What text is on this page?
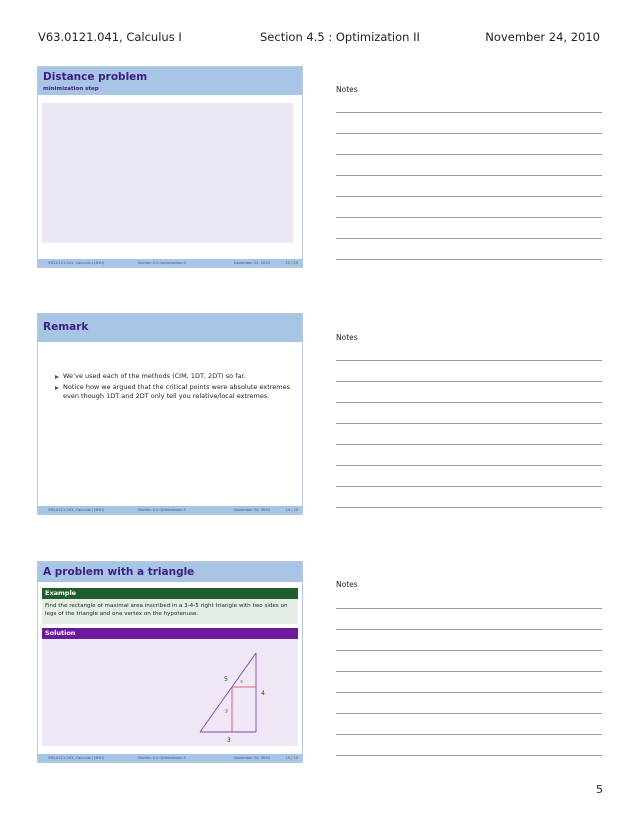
V63.0121.041, Calculus I	Section 4.5 : Optimization II	November 24, 2010
Distance problem
minimization step
V63.0121.041, Calculus I (NYU)	Section 4.5 Optimization II	November 24, 2010	13 / 25
Notes
Remark
We’ve used each of the methods (CIM, 1DT, 2DT) so far.
Notice how we argued that the critical points were absolute extremes even though 1DT and 2DT only tell you relative/local extremes.
V63.0121.041, Calculus I (NYU)	Section 4.5 Optimization II	November 24, 2010	14 / 25
Notes
A problem with a triangle
Example
Find the rectangle of maximal area inscribed in a 3-4-5 right triangle with two sides on legs of the triangle and one vertex on the hypotenuse.
Solution
5
4
3
x
y
V63.0121.041, Calculus I (NYU)	Section 4.5 Optimization II	November 24, 2010	15 / 25
Notes
5
